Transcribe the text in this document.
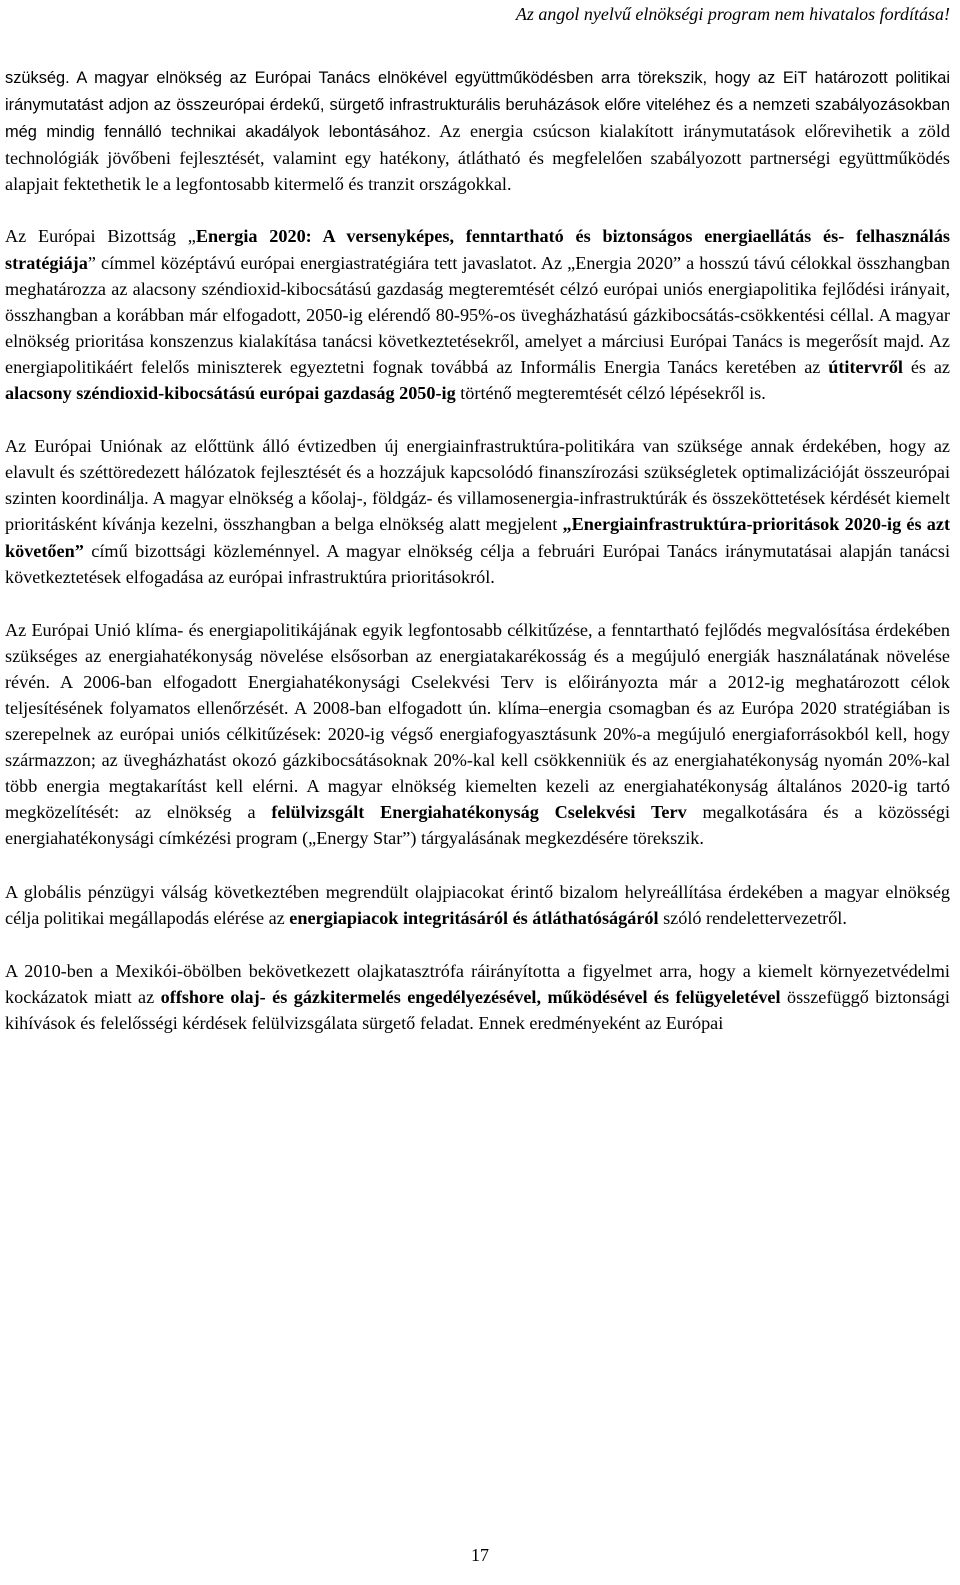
Az angol nyelvű elnökségi program nem hivatalos fordítása!

szükség. A magyar elnökség az Európai Tanács elnökével együttműködésben arra törekszik, hogy az EiT határozott politikai iránymutatást adjon az összeurópai érdekű, sürgető infrastrukturális beruházások előre viteléhez és a nemzeti szabályozásokban még mindig fennálló technikai akadályok lebontásához. Az energia csúcson kialakított iránymutatások előrevihetik a zöld technológiák jövőbeni fejlesztését, valamint egy hatékony, átlátható és megfelelően szabályozott partnerségi együttműködés alapjait fektethetik le a legfontosabb kitermelő és tranzit országokkal.

Az Európai Bizottság „Energia 2020: A versenyképes, fenntartható és biztonságos energiaellátás és- felhasználás stratégiája” címmel középtávú európai energiastratégiára tett javaslatot. Az „Energia 2020” a hosszú távú célokkal összhangban meghatározza az alacsony széndioxid-kibocsátású gazdaság megteremtését célzó európai uniós energiapolitika fejlődési irányait, összhangban a korábban már elfogadott, 2050-ig elérendő 80-95%-os üvegházhatású gázkibocsátás-csökkentési céllal. A magyar elnökség prioritása konszenzus kialakítása tanácsi következtetésekről, amelyet a márciusi Európai Tanács is megerősít majd. Az energiapolitikáért felelős miniszterek egyeztetni fognak továbbá az Informális Energia Tanács keretében az útitervről és az alacsony széndioxid-kibocsátású európai gazdaság 2050-ig történő megteremtését célzó lépésekről is.

Az Európai Uniónak az előttünk álló évtizedben új energiainfrastruktúra-politikára van szüksége annak érdekében, hogy az elavult és széttöredezett hálózatok fejlesztését és a hozzájuk kapcsolódó finanszírozási szükségletek optimalizációját összeurópai szinten koordinálja. A magyar elnökség a kőolaj-, földgáz- és villamosenergia-infrastruktúrák és összeköttetések kérdését kiemelt prioritásként kívánja kezelni, összhangban a belga elnökség alatt megjelent „Energiainfrastruktúra-prioritások 2020-ig és azt követően” című bizottsági közleménnyel. A magyar elnökség célja a februári Európai Tanács iránymutatásai alapján tanácsi következtetések elfogadása az európai infrastruktúra prioritásokról.

Az Európai Unió klíma- és energiapolitikájának egyik legfontosabb célkitűzése, a fenntartható fejlődés megvalósítása érdekében szükséges az energiahatékonyság növelése elsősorban az energiatakarékosság és a megújuló energiák használatának növelése révén. A 2006-ban elfogadott Energiahatékonysági Cselekvési Terv is előirányozta már a 2012-ig meghatározott célok teljesítésének folyamatos ellenőrzését. A 2008-ban elfogadott ún. klíma–energia csomagban és az Európa 2020 stratégiában is szerepelnek az európai uniós célkitűzések: 2020-ig végső energiafogyasztásunk 20%-a megújuló energiaforrásokból kell, hogy származzon; az üvegházhatást okozó gázkibocsátásoknak 20%-kal kell csökkenniük és az energiahatékonyság nyomán 20%-kal több energia megtakarítást kell elérni. A magyar elnökség kiemelten kezeli az energiahatékonyság általános 2020-ig tartó megközelítését: az elnökség a felülvizsgált Energiahatékonyság Cselekvési Terv megalkotására és a közösségi energiahatékonysági címkézési program („Energy Star”) tárgyalásának megkezdésére törekszik.

A globális pénzügyi válság következtében megrendült olajpiacokat érintő bizalom helyreállítása érdekében a magyar elnökség célja politikai megállapodás elérése az energiapiacok integritásáról és átláthatóságáról szóló rendelettervezetről.

A 2010-ben a Mexikói-öbölben bekövetkezett olajkatasztrófa ráirányította a figyelmet arra, hogy a kiemelt környezetvédelmi kockázatok miatt az offshore olaj- és gázkitermelés engedélyezésével, működésével és felügyeletével összefüggő biztonsági kihívások és felelősségi kérdések felülvizsgálata sürgető feladat. Ennek eredményeként az Európai

17
